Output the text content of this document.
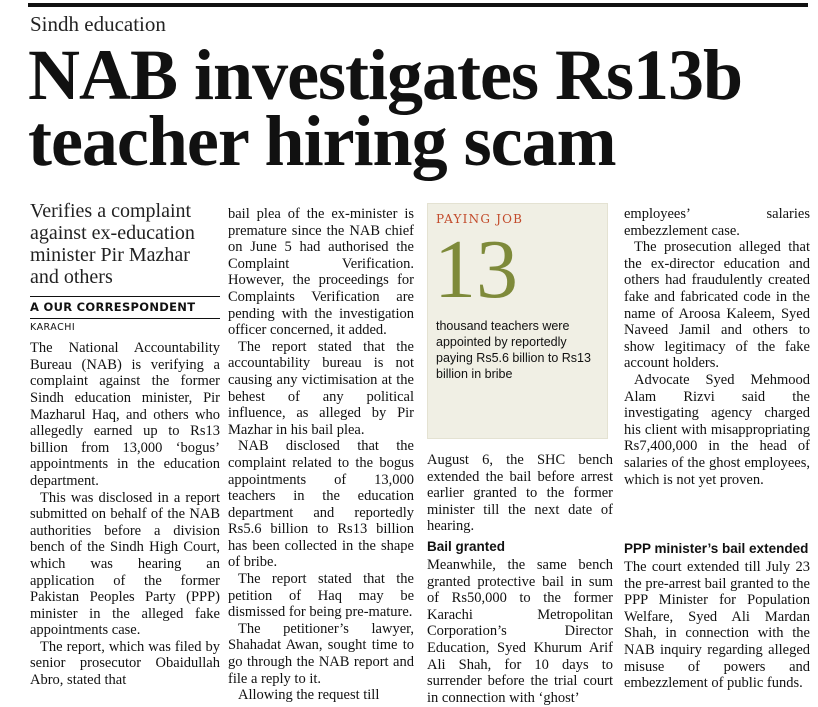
Sindh education
NAB investigates Rs13b
teacher hiring scam
Verifies a complaint against ex-education minister Pir Mazhar and others
A OUR CORRESPONDENT
KARACHI

The National Accountability Bureau (NAB) is verifying a complaint against the former Sindh education minister, Pir Mazharul Haq, and others who allegedly earned up to Rs13 billion from 13,000 ‘bogus’ appointments in the education department.

This was disclosed in a report submitted on behalf of the NAB authorities before a division bench of the Sindh High Court, which was hearing an application of the former Pakistan Peoples Party (PPP) minister in the alleged fake appointments case.

The report, which was filed by senior prosecutor Obaidullah Abro, stated that

bail plea of the ex-minister is premature since the NAB chief on June 5 had authorised the Complaint Verification. However, the proceedings for Complaints Verification are pending with the investigation officer concerned, it added.

The report stated that the accountability bureau is not causing any victimisation at the behest of any political influence, as alleged by Pir Mazhar in his bail plea.

NAB disclosed that the complaint related to the bogus appointments of 13,000 teachers in the education department and reportedly Rs5.6 billion to Rs13 billion has been collected in the shape of bribe.

The report stated that the petition of Haq may be dismissed for being pre-mature.

The petitioner’s lawyer, Shahadat Awan, sought time to go through the NAB report and file a reply to it.

Allowing the request till

PAYING JOB
13
thousand teachers were appointed by reportedly paying Rs5.6 billion to Rs13 billion in bribe

August 6, the SHC bench extended the bail before arrest earlier granted to the former minister till the next date of hearing.

Bail granted

Meanwhile, the same bench granted protective bail in sum of Rs50,000 to the former Karachi Metropolitan Corporation’s Director Education, Syed Khurum Arif Ali Shah, for 10 days to surrender before the trial court in connection with ‘ghost’

employees’ salaries embezzlement case.

The prosecution alleged that the ex-director education and others had fraudulently created fake and fabricated code in the name of Aroosa Kaleem, Syed Naveed Jamil and others to show legitimacy of the fake account holders.

Advocate Syed Mehmood Alam Rizvi said the investigating agency charged his client with misappropriating Rs7,400,000 in the head of salaries of the ghost employees, which is not yet proven.

PPP minister’s bail extended

The court extended till July 23 the pre-arrest bail granted to the PPP Minister for Population Welfare, Syed Ali Mardan Shah, in connection with the NAB inquiry regarding alleged misuse of powers and embezzlement of public funds.
